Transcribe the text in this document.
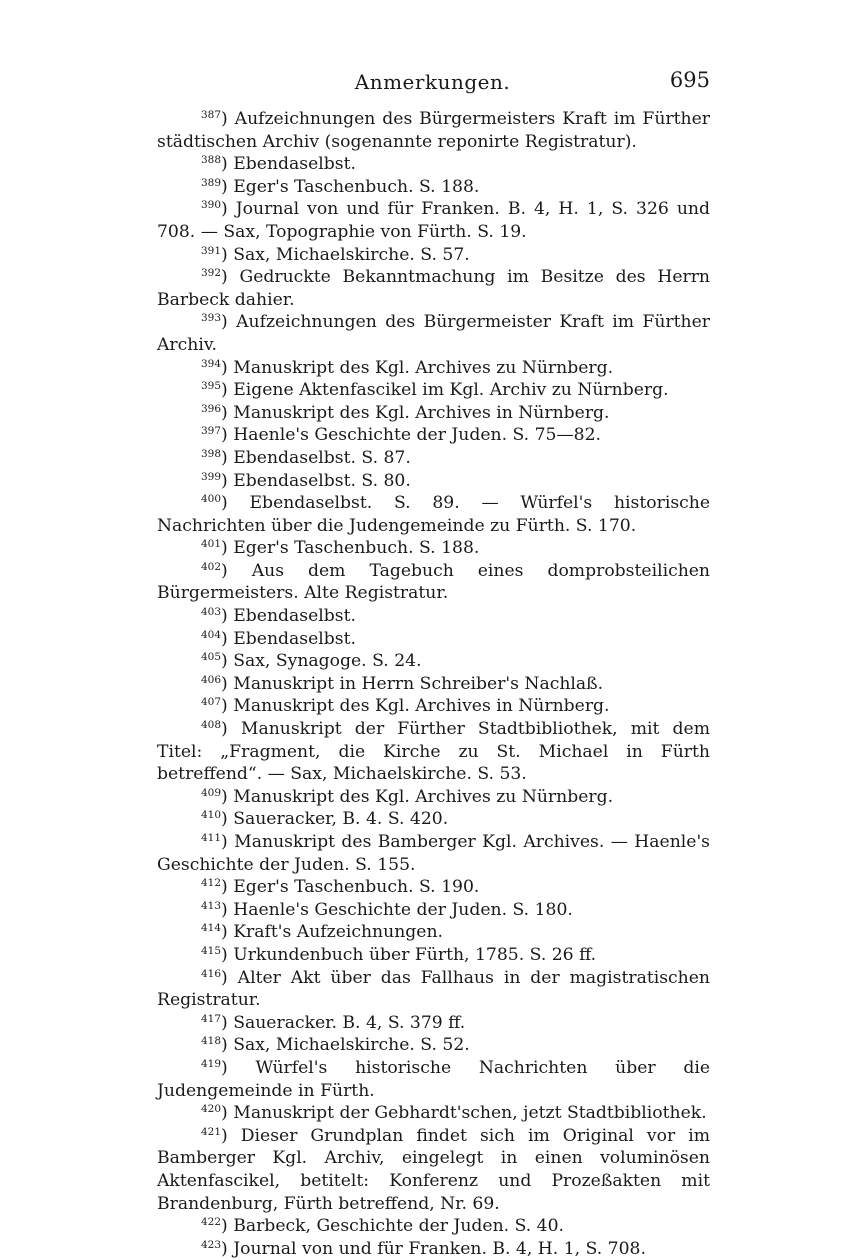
Anmerkungen.	695

$^{387}$) Aufzeichnungen des Bürgermeisters Kraft im Fürther städtischen Archiv (sogenannte reponirte Registratur).

$^{388}$) Ebendaselbst.

$^{389}$) Eger's Taschenbuch. S. 188.

$^{390}$) Journal von und für Franken. B. 4, H. 1, S. 326 und 708. — Sax, Topographie von Fürth. S. 19.

$^{391}$) Sax, Michaelskirche. S. 57.

$^{392}$) Gedruckte Bekanntmachung im Besitze des Herrn Barbeck dahier.

$^{393}$) Aufzeichnungen des Bürgermeister Kraft im Fürther Archiv.

$^{394}$) Manuskript des Kgl. Archives zu Nürnberg.

$^{395}$) Eigene Aktenfascikel im Kgl. Archiv zu Nürnberg.

$^{396}$) Manuskript des Kgl. Archives in Nürnberg.

$^{397}$) Haenle's Geschichte der Juden. S. 75—82.

$^{398}$) Ebendaselbst. S. 87.

$^{399}$) Ebendaselbst. S. 80.

$^{400}$) Ebendaselbst. S. 89. — Würfel's historische Nachrichten über die Judengemeinde zu Fürth. S. 170.

$^{401}$) Eger's Taschenbuch. S. 188.

$^{402}$) Aus dem Tagebuch eines domprobsteilichen Bürgermeisters. Alte Registratur.

$^{403}$) Ebendaselbst.

$^{404}$) Ebendaselbst.

$^{405}$) Sax, Synagoge. S. 24.

$^{406}$) Manuskript in Herrn Schreiber's Nachlaß.

$^{407}$) Manuskript des Kgl. Archives in Nürnberg.

$^{408}$) Manuskript der Fürther Stadtbibliothek, mit dem Titel: „Fragment, die Kirche zu St. Michael in Fürth betreffend“. — Sax, Michaelskirche. S. 53.

$^{409}$) Manuskript des Kgl. Archives zu Nürnberg.

$^{410}$) Saueracker, B. 4. S. 420.

$^{411}$) Manuskript des Bamberger Kgl. Archives. — Haenle's Geschichte der Juden. S. 155.

$^{412}$) Eger's Taschenbuch. S. 190.

$^{413}$) Haenle's Geschichte der Juden. S. 180.

$^{414}$) Kraft's Aufzeichnungen.

$^{415}$) Urkundenbuch über Fürth, 1785. S. 26 ff.

$^{416}$) Alter Akt über das Fallhaus in der magistratischen Registratur.

$^{417}$) Saueracker. B. 4, S. 379 ff.

$^{418}$) Sax, Michaelskirche. S. 52.

$^{419}$) Würfel's historische Nachrichten über die Judengemeinde in Fürth.

$^{420}$) Manuskript der Gebhardt'schen, jetzt Stadtbibliothek.

$^{421}$) Dieser Grundplan findet sich im Original vor im Bamberger Kgl. Archiv, eingelegt in einen voluminösen Aktenfascikel, betitelt: Konferenz und Prozeßakten mit Brandenburg, Fürth betreffend, Nr. 69.

$^{422}$) Barbeck, Geschichte der Juden. S. 40.

$^{423}$) Journal von und für Franken. B. 4, H. 1, S. 708.
